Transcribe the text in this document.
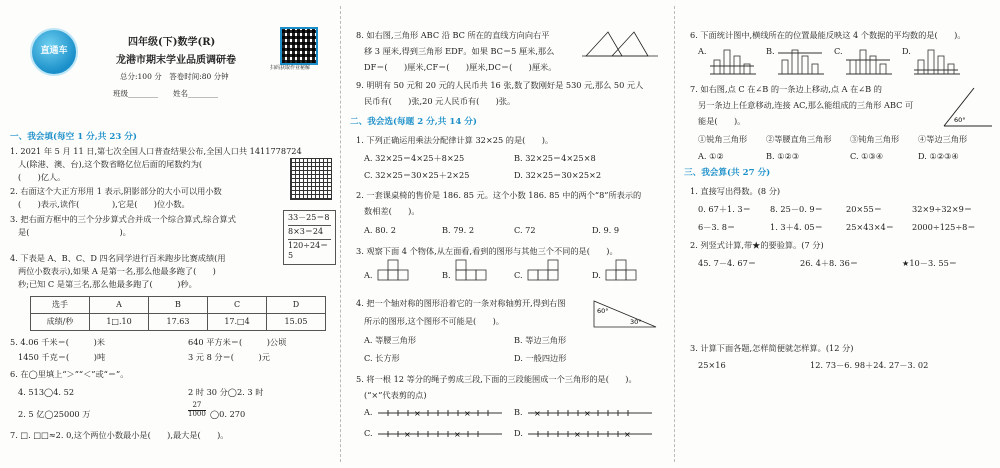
直通车
四年级(下)数学(R)
扫码获取作业秘解
龙港市期末学业品质调研卷
总分:100 分　答卷时间:80 分钟
班级________　　姓名________
一、我会填(每空 1 分,共 23 分)
1. 2021 年 5 月 11 日,第七次全国人口普查结果公布,全国人口共 1411778724
人(除港、澳、台),这个数省略亿位后面的尾数约为(
(　　)亿人。
2. 右面这个大正方形用 1 表示,阴影部分的大小可以用小数
(　　)表示,读作(　　　　),它是(　　)位小数。
3. 把右面方框中的三个分步算式合并成一个综合算式,综合算式
是(　　　　　　　　　　　)。
33－25＝8
8×3＝24
120÷24＝5
4. 下表是 A、B、C、D 四名同学进行百米跑步比赛成绩(用
两位小数表示),如果 A 是第一名,那么他最多跑了(　　)
秒;已知 C 是第三名,那么他最多跑了(　　　)秒。
选手	A	B	C	D
成绩/秒	1□.10	17.63	17.□4	15.05
5. 4.06 千米＝(　　　)米	640 平方米＝(　　　)公顷
1450 千克＝(　　　)吨	3 元 8 分＝(　　　)元
6. 在◯里填上“＞”“＜”或“＝”。
4. 513◯4. 52	2 时 30 分◯2. 3 时
2. 5 亿◯25000 万	$\frac{27}{1000}$ ◯0. 270
7. □. □□≈2. 0,这个两位小数最小是(　　),最大是(　　)。
8. 如右图,三角形 ABC 沿 BC 所在的直线方向向右平
移 3 厘米,得到三角形 EDF。如果 BC＝5 厘米,那么
DF＝(　　)厘米,CF＝(　　)厘米,DC＝(　　)厘米。
9. 明明有 50 元和 20 元的人民币共 16 张,数了数刚好是 530 元,那么 50 元人
民币有(　　)张,20 元人民币有(　　)张。
二、我会选(每题 2 分,共 14 分)
1. 下列正确运用乘法分配律计算 32×25 的是(　　)。
A. 32×25＝4×25＋8×25	B. 32×25＝4×25×8
C. 32×25＝30×25＋2×25	D. 32×25＝30×25×2
2. 一套课桌椅的售价是 186. 85 元。这个小数 186. 85 中的两个“8”所表示的
数相差(　　)。
A. 80. 2	B. 79. 2	C. 72	D. 9. 9
3. 观察下面 4 个物体,从左面看,看到的图形与其他三个不同的是(　　)。
A.	B.	C.	D.
4. 把一个轴对称的图形沿着它的一条对称轴剪开,得到右图
所示的图形,这个图形不可能是(　　)。
60°
30°
A. 等腰三角形	B. 等边三角形
C. 长方形	D. 一般四边形
5. 将一根 12 等分的绳子剪成三段,下面的三段能围成一个三角形的是(　　)。
(“×”代表剪的点)
A.	B.
C.	D.
×	×	×	×
×	×	×	×
6. 下面统计图中,横线所在的位置最能反映这 4 个数据的平均数的是(　　)。
A.	B.	C.	D.
7. 如右图,点 C 在∠B 的一条边上移动,点 A 在∠B 的
另一条边上任意移动,连接 AC,那么能组成的三角形 ABC 可
能是(　　)。	60°
①锐角三角形 ②等腰直角三角形 ③钝角三角形 ④等边三角形
A. ①②	B. ①②③	C. ①③④	D. ①②③④
三、我会算(共 27 分)
1. 直接写出得数。(8 分)
0. 67＋1. 3＝ 8. 25－0. 9＝	20×55＝	32×9÷32×9＝
6－3. 8＝	1. 3＋4. 05＝	25×43×4＝ 2000÷125÷8＝
2. 列竖式计算,带★的要验算。(7 分)
45. 7－4. 67＝	26. 4＋8. 36＝	★10－3. 55＝
3. 计算下面各题,怎样简便就怎样算。(12 分)
25×16	12. 73－6. 98＋24. 27－3. 02
